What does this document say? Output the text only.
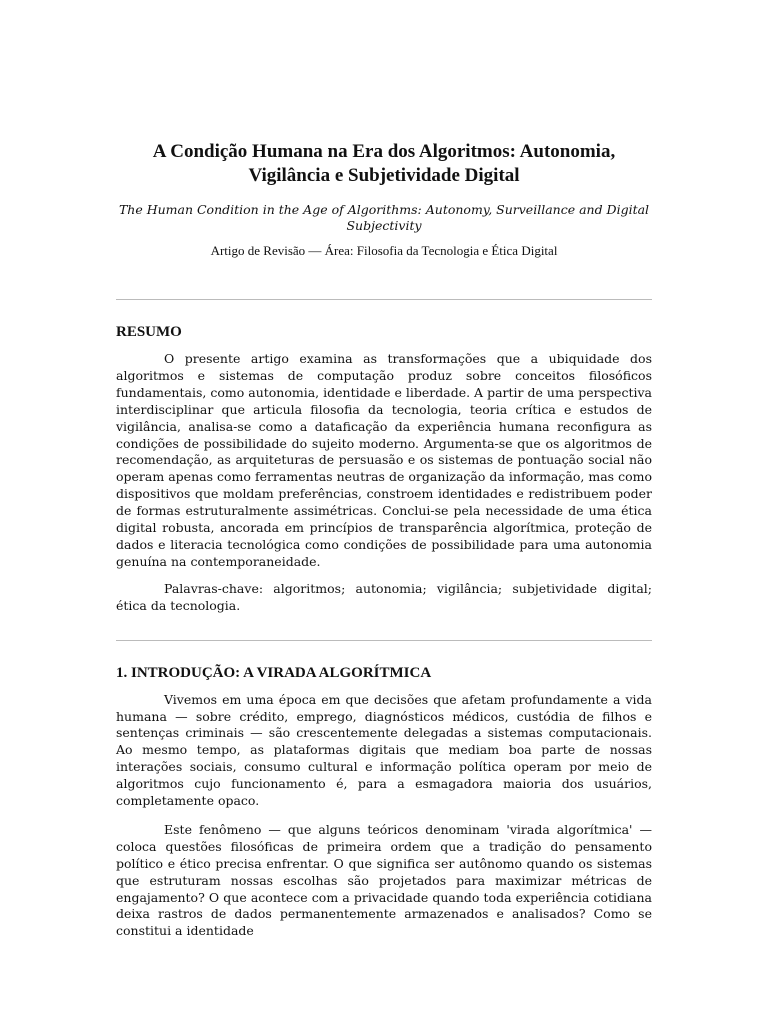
A Condição Humana na Era dos Algoritmos: Autonomia, Vigilância e Subjetividade Digital
The Human Condition in the Age of Algorithms: Autonomy, Surveillance and Digital Subjectivity
Artigo de Revisão — Área: Filosofia da Tecnologia e Ética Digital
RESUMO

O presente artigo examina as transformações que a ubiquidade dos algoritmos e sistemas de computação produz sobre conceitos filosóficos fundamentais, como autonomia, identidade e liberdade. A partir de uma perspectiva interdisciplinar que articula filosofia da tecnologia, teoria crítica e estudos de vigilância, analisa-se como a dataficação da experiência humana reconfigura as condições de possibilidade do sujeito moderno. Argumenta-se que os algoritmos de recomendação, as arquiteturas de persuasão e os sistemas de pontuação social não operam apenas como ferramentas neutras de organização da informação, mas como dispositivos que moldam preferências, constroem identidades e redistribuem poder de formas estruturalmente assimétricas. Conclui-se pela necessidade de uma ética digital robusta, ancorada em princípios de transparência algorítmica, proteção de dados e literacia tecnológica como condições de possibilidade para uma autonomia genuína na contemporaneidade.

Palavras-chave: algoritmos; autonomia; vigilância; subjetividade digital; ética da tecnologia.

1. INTRODUÇÃO: A VIRADA ALGORÍTMICA

Vivemos em uma época em que decisões que afetam profundamente a vida humana — sobre crédito, emprego, diagnósticos médicos, custódia de filhos e sentenças criminais — são crescentemente delegadas a sistemas computacionais. Ao mesmo tempo, as plataformas digitais que mediam boa parte de nossas interações sociais, consumo cultural e informação política operam por meio de algoritmos cujo funcionamento é, para a esmagadora maioria dos usuários, completamente opaco.

Este fenômeno — que alguns teóricos denominam 'virada algorítmica' — coloca questões filosóficas de primeira ordem que a tradição do pensamento político e ético precisa enfrentar. O que significa ser autônomo quando os sistemas que estruturam nossas escolhas são projetados para maximizar métricas de engajamento? O que acontece com a privacidade quando toda experiência cotidiana deixa rastros de dados permanentemente armazenados e analisados? Como se constitui a identidade
